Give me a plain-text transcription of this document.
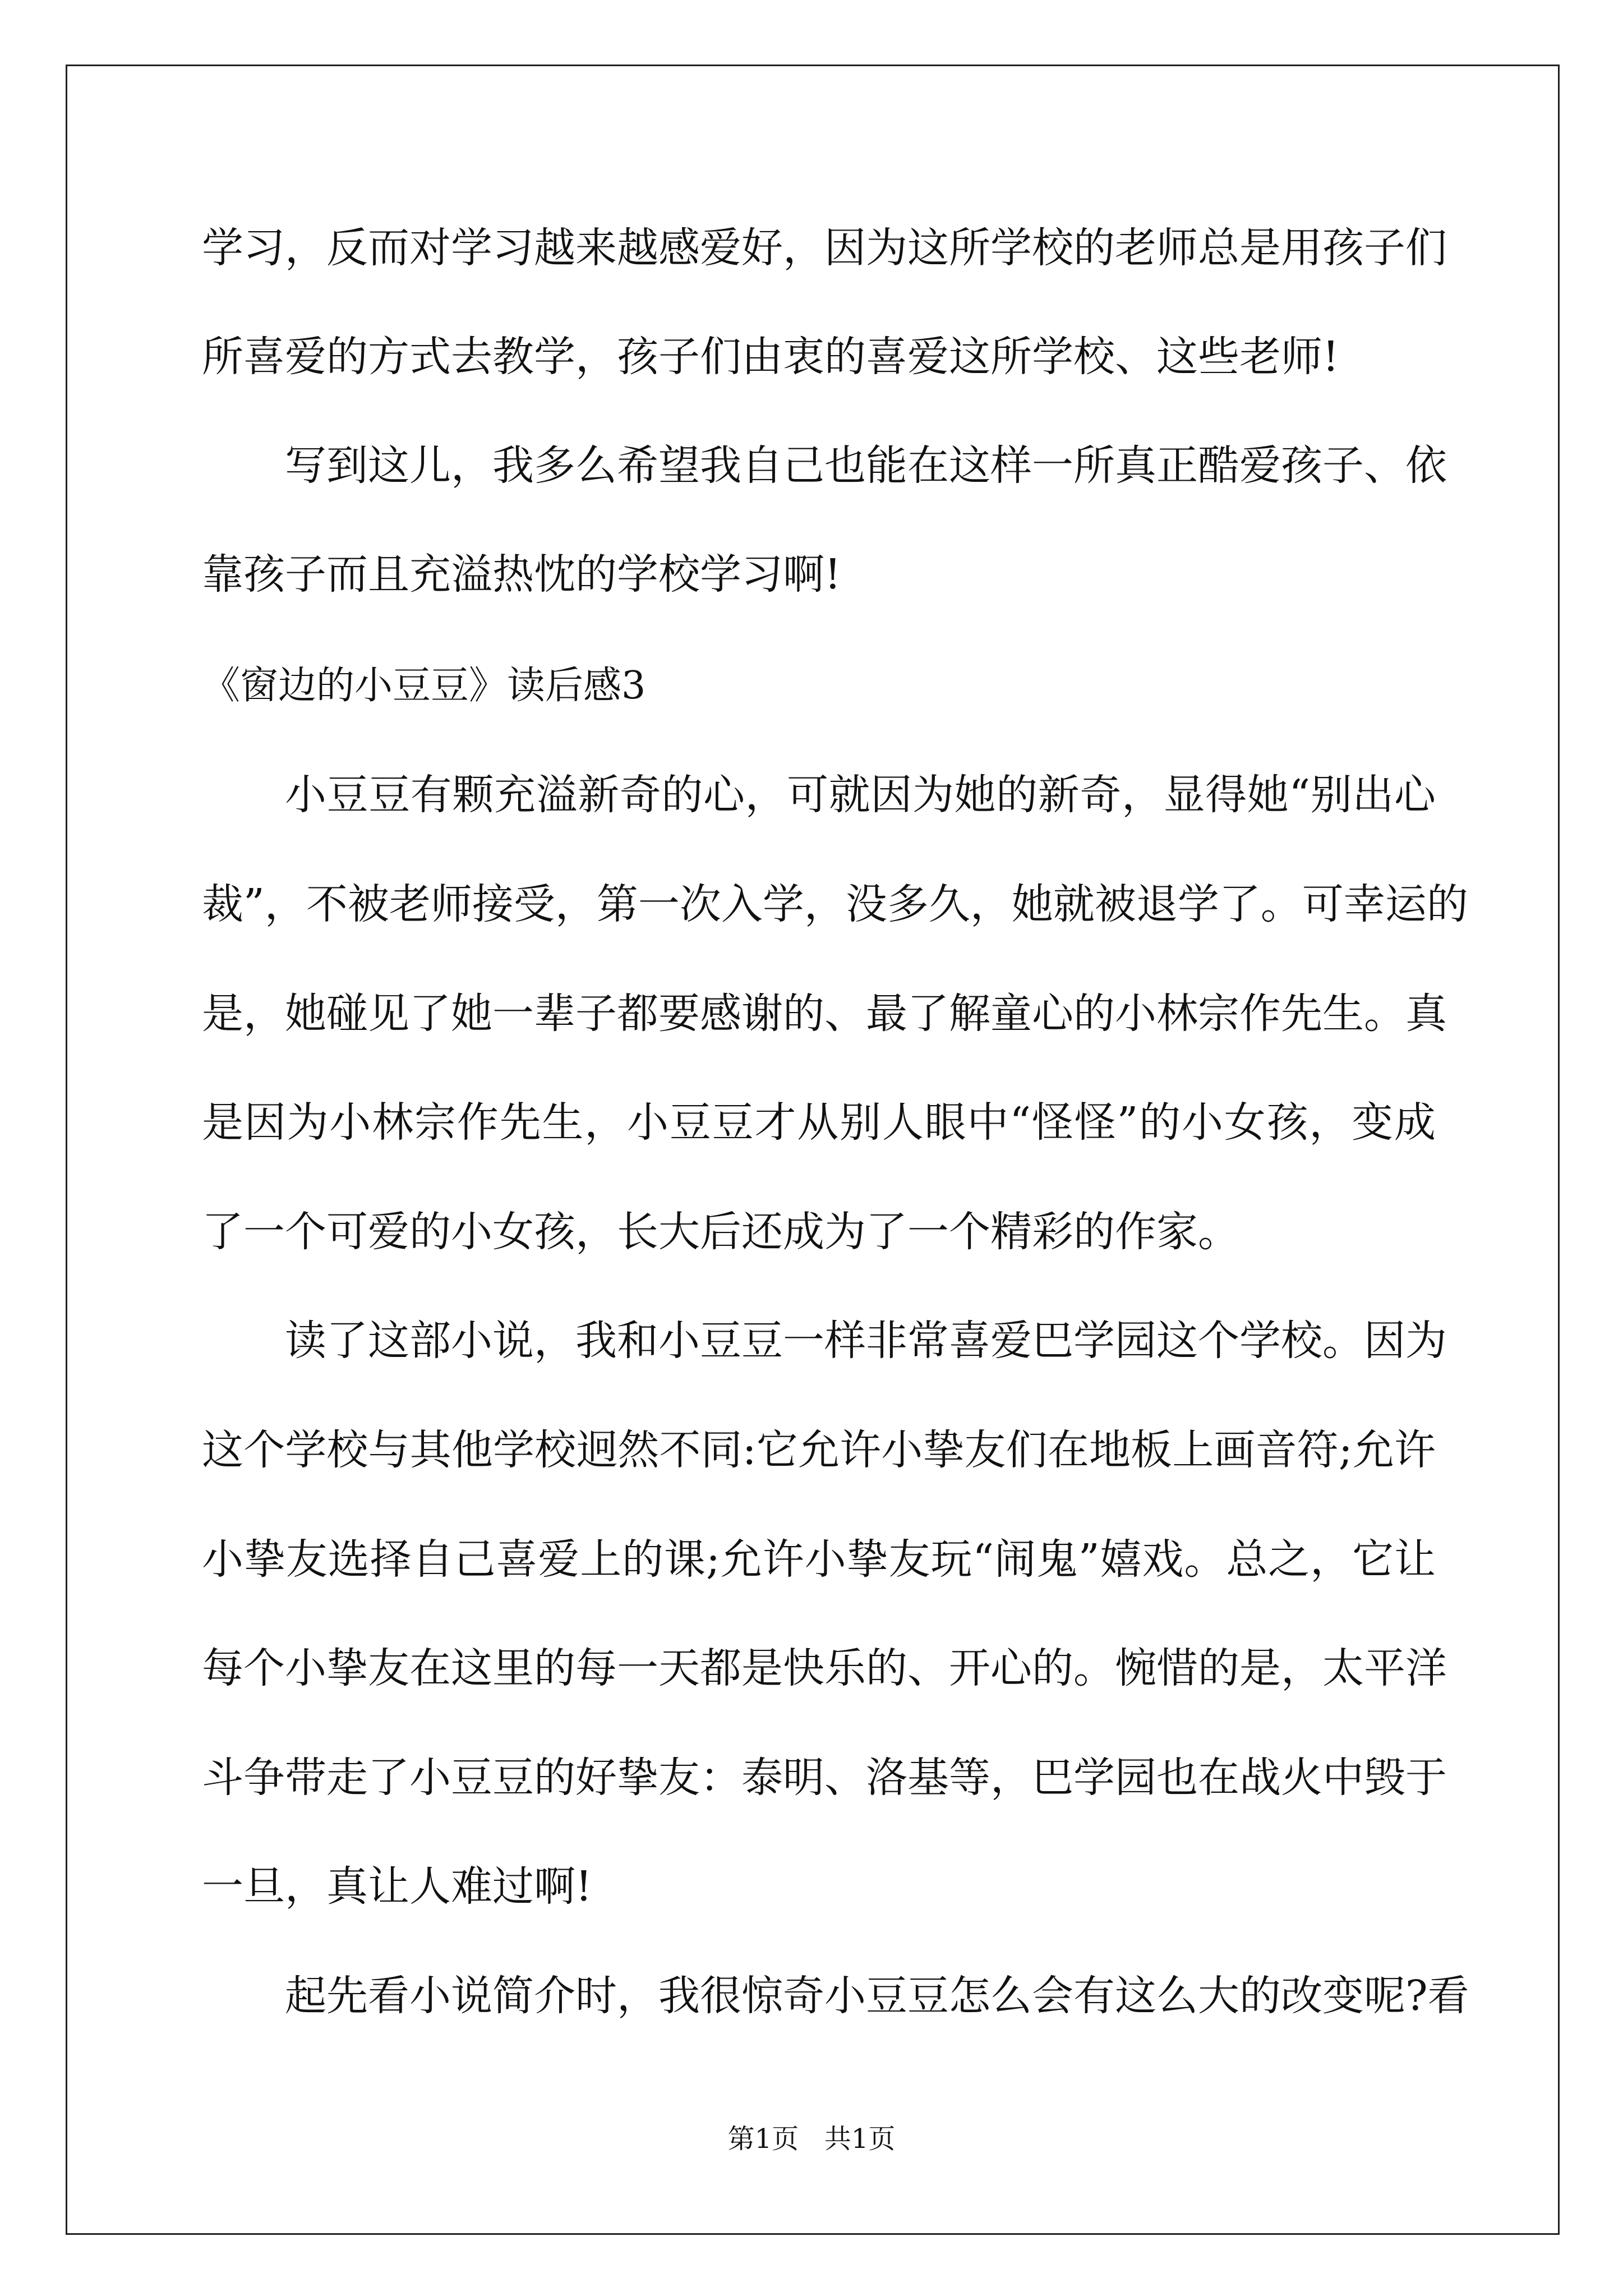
学习，反而对学习越来越感爱好，因为这所学校的老师总是用孩子们
所喜爱的方式去教学，孩子们由衷的喜爱这所学校、这些老师!
写到这儿，我多么希望我自己也能在这样一所真正酷爱孩子、依
靠孩子而且充溢热忱的学校学习啊!
《窗边的小豆豆》读后感3
小豆豆有颗充溢新奇的心，可就因为她的新奇，显得她“别出心
裁”，不被老师接受，第一次入学，没多久，她就被退学了。可幸运的
是，她碰见了她一辈子都要感谢的、最了解童心的小林宗作先生。真
是因为小林宗作先生，小豆豆才从别人眼中“怪怪”的小女孩，变成
了一个可爱的小女孩，长大后还成为了一个精彩的作家。
读了这部小说，我和小豆豆一样非常喜爱巴学园这个学校。因为
这个学校与其他学校迥然不同:它允许小挚友们在地板上画音符;允许
小挚友选择自己喜爱上的课;允许小挚友玩“闹鬼”嬉戏。总之，它让
每个小挚友在这里的每一天都是快乐的、开心的。惋惜的是，太平洋
斗争带走了小豆豆的好挚友：泰明、洛基等，巴学园也在战火中毁于
一旦，真让人难过啊!
起先看小说简介时，我很惊奇小豆豆怎么会有这么大的改变呢?看
第1页   共1页
